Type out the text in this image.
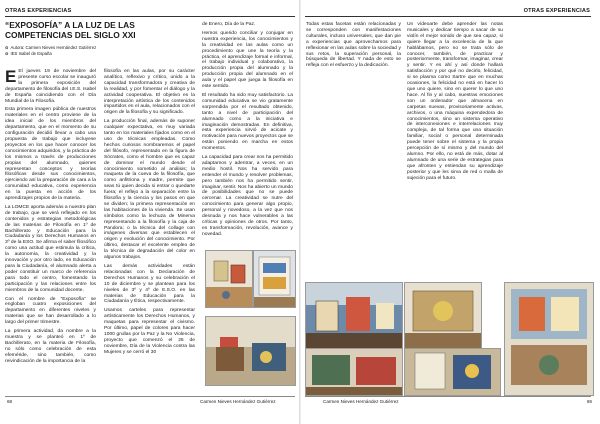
OTRAS EXPERIENCIAS
“EXPOSOFÍA” A LA LUZ DE LAS COMPETENCIAS DEL SIGLO XXI
Autora: Carmen Nieves Hernández Gutiérrez
IES Isabel de España

E El jueves 19 de noviembre del presente curso escolar se inauguró la primera exposición del departamento de filosofía del I.E.S. Isabel de España coincidiendo con el Día Mundial de la Filosofía.

Esta primera imagen pública de nuestros materiales en el centro proviene de la idea inicial de los miembros del departamento, que en el momento de su configuración decidió llevar a cabo una propuesta de trabajo que incluyese proyectos en los que hacer conocer los conocimientos adquiridos, y la práctica de los mismos a través de producciones propias del alumnado, quienes representan conceptos y teorías filosóficas desde sus conocimientos, ejerciendo así la preparación de cara a la comunidad educativa, como experiencia en la puesta en acción de los aprendizajes propios de la materia.

La LOMCE aporta además a nuestro plan de trabajo, que se verá reflejado en los contenidos y estrategias metodológicas de las materias de Filosofía en 1º de Bachillerato y Educación para la Ciudadanía y los Derechos Humanos en 3º de la ESO. Se afirma el saber filosófico como una actitud que estimula la crítica, la autonomía, la creatividad y la innovación y por otro lado, en Educación para la Ciudadanía, el alumnado alerta a poder constituir un marco de referencia para todo el centro, fomentando la participación y las relaciones entre los miembros de la comunidad docente.

Con el nombre de “Exposofía” se engloban cuatro exposiciones del departamento en diferentes niveles y materias que se han desarrollado a lo largo del primer trimestre.

La primera actividad, da nombre a la muestra y se planteó en 1º de Bachillerato, en la materia de Filosofía, no sólo como celebración de esta efeméride, sino también, como reivindicación de la importancia de la

filosofía en las aulas, por su carácter analítico, reflexivo y crítico, unido a la capacidad transformadora y creativa de la realidad, y por fomentar el diálogo y la actividad cooperativa. El objetivo es la interpretación artística de los contenidos impartidos en el aula, relacionados con el origen de la filosofía y su significado.

La producción final, además de suponer cualquier expectativa, es muy variada tanto en los materiales fijados como en el uso de técnicas empleadas. Como hechos curiosos nombraremos el papel del filósofo, representado en la figura de Sócrates, como el hombre que es capaz de dominar el mundo desde el conocimiento sometido al análisis; la maqueta de la cueva de la filosofía, que como anfitriona y madre, permite que seas tú quien decida si entrar o quedarte fuera; el reflejo a la separación entre la filosofía y la ciencia y los pasos en que se dividen; la primera representación en las habitaciones de la vivienda. Se usan símbolos como la lechuza de Minerva representando a la filosofía y la caja de Pandora; o la técnica del collage con imágenes diversas que establecen el origen y evolución del conocimiento. Por último, destacar el excelente empleo de la técnica de degradación del color en algunos trabajos.

Las demás actividades están relacionadas con la Declaración de Derechos Humanos y su celebración el 10 de diciembre y se plantean para los niveles de 3º y 4º de E.S.O. en las materias de Educación para la Ciudadanía y Ética, respectivamente.

Usamos carteles para representar artísticamente los Derechos Humanos, y maquetas para representar el civismo. Por último, papel de colores para hacer 1000 grullas por la Paz y la No Violencia, proyecto que comenzó el 25 de noviembre, Día de la Violencia contra las Mujeres y se cerró el 30

de Enero, Día de la Paz.

Hemos querido conciliar y conjugar en nuestra experiencia, los conocimientos y la creatividad en las aulas como un procedimiento que une la teoría y la práctica, el aprendizaje formal e informal, el trabajo individual y colaborativo, la producción propia del alumnado y la producción propia del alumnado en el aula y el papel que juega la filosofía en este sentido.

El resultado ha sido muy satisfactorio. La comunidad educativa se vio gratamente sorprendida por el resultado obtenido, tanto a nivel de participación del alumnado como a la iniciativa e imaginación demostradas. En definitiva, esta experiencia sirvió de acicate y motivación para nuevos proyectos que se están poniendo en marcha en estos momentos.

La capacidad para crear nos ha permitido adaptarnos y adentrar, a veces, en un medio hostil. Nos ha servido para entender el mundo y resolver problemas, pero también nos ha permitido sentir, imaginar, sentir. Nos ha abierto un mundo de posibilidades que no se puede cercenar. La creatividad se nutre del conocimiento para generar algo propio, personal y novedoso, a la vez que nos desnuda y nos hace vulnerables a las críticas y opiniones de otros. Por tanto, es transformación, revolución, avance y novedad.

68	Carmen Nieves Hernández Gutiérrez
OTRAS EXPERIENCIAS

Todas estas facetas están relacionadas y se corresponden con manifestaciones culturales, incluso universales, que dan pie a experiencias que aprovechamos para reflexionar en las aulas sobre la sociedad y sus retos, la superación personal, la búsqueda de libertad. Y nada de esto se refleja con el esfuerzo y la dedicación.

Un vídeoarte debe aprender las notas musicales y dedicar tiempo a sacar de su violín el mejor sonido de que sea capaz, si quiere llegar a la excelencia de la que hablábamos, pero no se trata sólo de conocer, también, de practicar y posteriormente, transformar, imaginar, crear y sentir. Y es ahí y así donde hallará satisfacción y por qué no decirlo, felicidad, si se plasma como Sartre que en muchas ocasiones, la felicidad no está en hacer lo que uno quiere, sino en querer lo que uno hace. Al fin y al cabo, nuestras emociones son un ordenador que almacena en carpetas nuevas, provisoriamente activas, archivos, o una máquina expendedora de conocimientos, sino un sistema operativo de interconexiones e interrelaciones muy compleja, de tal forma que una situación familiar, social o personal determinada puede tener sobre el sistema y la propia percepción de sí mismo y del mundo del alumno. Por ello, no está de más, dotar al alumnado de una serie de estrategias para que afronten y entiendan su aprendizaje posterior y que les sirva de red o malla de sujeción para el futuro.

Carmen Nieves Hernández Gutiérrez	69
